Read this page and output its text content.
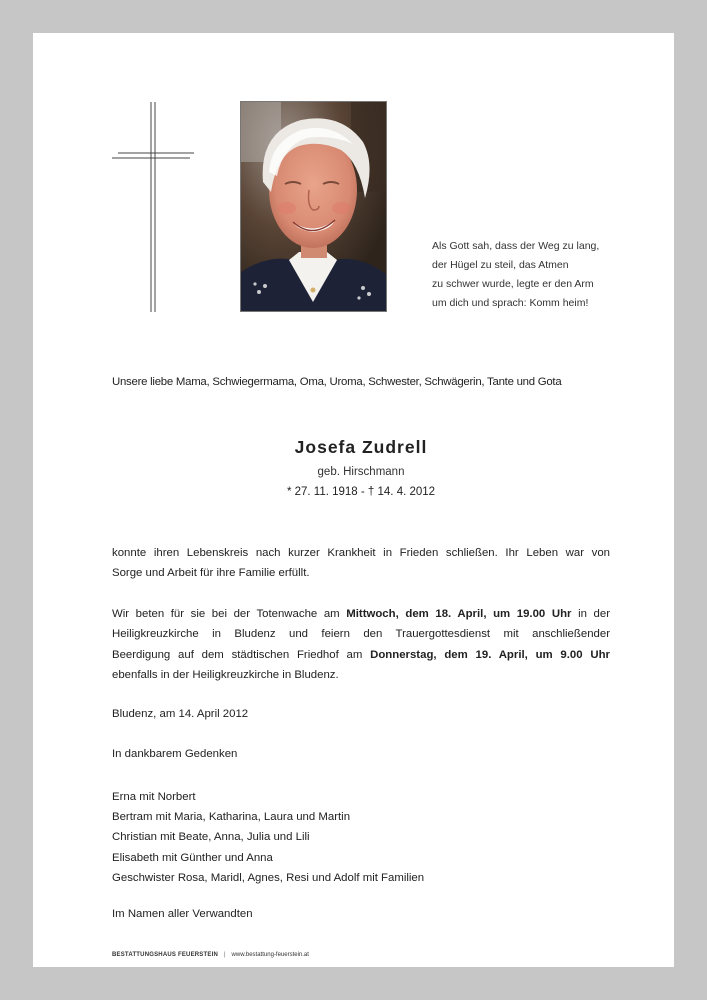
Als Gott sah, dass der Weg zu lang,
der Hügel zu steil, das Atmen
zu schwer wurde, legte er den Arm
um dich und sprach: Komm heim!
Unsere liebe Mama, Schwiegermama, Oma, Uroma, Schwester, Schwägerin, Tante und Gota
Josefa Zudrell
geb. Hirschmann
* 27. 11. 1918 - † 14. 4. 2012
konnte ihren Lebenskreis nach kurzer Krankheit in Frieden schließen. Ihr Leben war von
Sorge und Arbeit für ihre Familie erfüllt.
Wir beten für sie bei der Totenwache am Mittwoch, dem 18. April, um 19.00 Uhr in der
Heiligkreuzkirche in Bludenz und feiern den Trauergottesdienst mit anschließender
Beerdigung auf dem städtischen Friedhof am Donnerstag, dem 19. April, um 9.00 Uhr
ebenfalls in der Heiligkreuzkirche in Bludenz.
Bludenz, am 14. April 2012
In dankbarem Gedenken
Erna mit Norbert
Bertram mit Maria, Katharina, Laura und Martin
Christian mit Beate, Anna, Julia und Lili
Elisabeth mit Günther und Anna
Geschwister Rosa, Maridl, Agnes, Resi und Adolf mit Familien
Im Namen aller Verwandten
BESTATTUNGSHAUS FEUERSTEIN | www.bestattung-feuerstein.at
